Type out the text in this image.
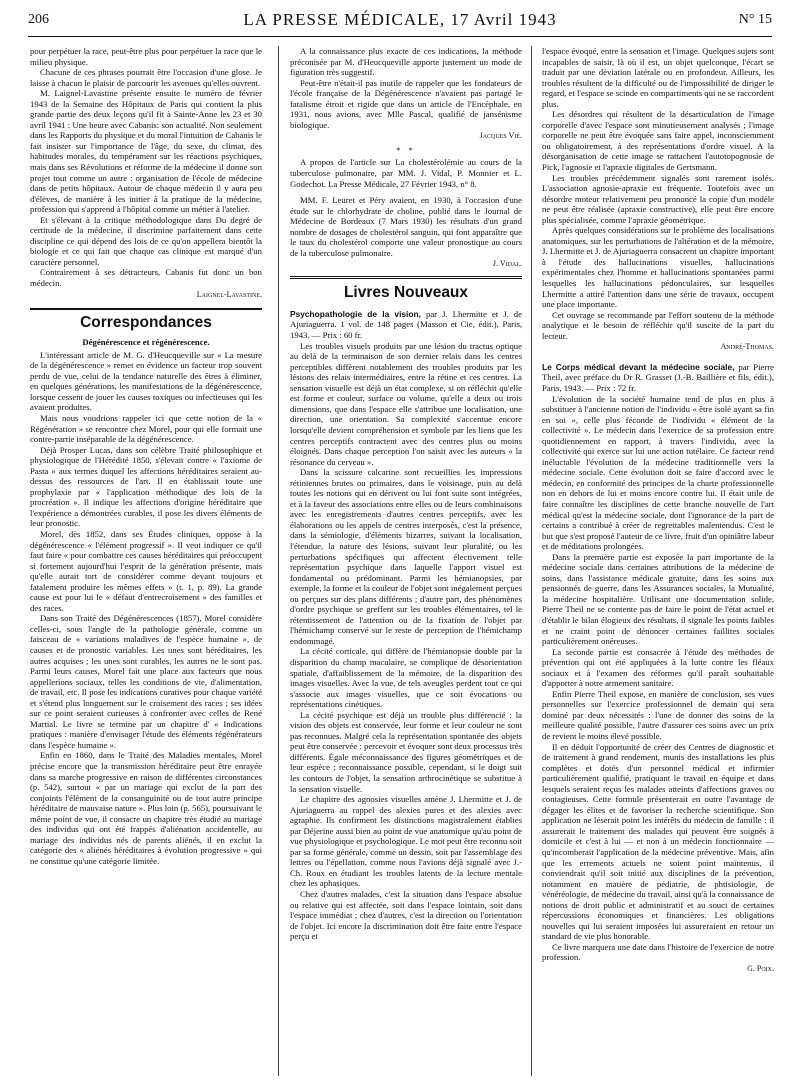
206	LA PRESSE MÉDICALE, 17 Avril 1943	N° 15

pour perpétuer la race, peut-être plus pour perpétuer la race que le milieu physique.

Chacune de ces phrases pourrait être l'occasion d'une glose. Je laisse à chacun le plaisir de parcourir les avenues qu'elles ouvrent.

M. Laignel-Lavastine présente ensuite le numéro de février 1943 de la Semaine des Hôpitaux de Paris qui contient la plus grande partie des deux leçons qu'il fit à Sainte-Anne les 23 et 30 avril 1941 : Une heure avec Cabanis: son actualité. Non seulement dans les Rapports du physique et du moral l'intuition de Cabanis le fait insister sur l'importance de l'âge, du sexe, du climat, des habitudes morales, du tempérament sur les réactions psychiques, mais dans ses Révolutions et réforme de la médecine il donne son projet tout comme un autre : organisation de l'école de médecine dans de petits hôpitaux. Autour de chaque médecin il y aura peu d'élèves, de manière à les initier à la pratique de la médecine, profession qui s'apprend à l'hôpital comme un métier à l'atelier.

Et s'élevant à la critique méthodologique dans Du degré de certitude de la médecine, il discrimine parfaitement dans cette discipline ce qui dépend des lois de ce qu'on appellera bientôt la biologie et ce qui fait que chaque cas clinique est marqué d'un caractère personnel.

Contrairement à ses détracteurs, Cabanis fut donc un bon médecin.

Laignel-Lavastine.
Correspondances
Dégénérescence et régénérescence.

L'intéressant article de M. G. d'Heucqueville sur « La mesure de la dégénérescence » remet en évidence un facteur trop souvent perdu de vue, celui de la tendance naturelle des êtres à éliminer, en quelques générations, les manifestations de la dégénérescence, lorsque cessent de jouer les causes toxiques ou infectieuses qui les avaient produites.

Mais nous voudrions rappeler ici que cette notion de la « Régénération » se rencontre chez Morel, pour qui elle formait une contre-partie inséparable de la dégénérescence.

Déjà Prosper Lucas, dans son célèbre Traité philosophique et physiologique de l'Hérédité 1850, s'élevait contre « l'axiome de Pasta » aux termes duquel les affections héréditaires seraient au-dessus des ressources de l'art. Il en établissait toute une prophylaxie par « l'application méthodique des lois de la procréation ». Il indique les affections d'origine héréditaire que l'expérience a démontrées curables, il pose les divers éléments de leur pronostic.

Morel, dès 1852, dans ses Études cliniques, oppose à la dégénérescence « l'élément progressif ». Il veut indiquer ce qu'il faut faire « pour combattre ces causes héréditaires qui préoccupent si fortement aujourd'hui l'esprit de la génération présente, mais qu'elle aurait tort de considérer comme devant toujours et fatalement produire les mêmes effets » (t. 1, p. 89). La grande cause est pour lui le « défaut d'entrecroisement » des familles et des races.

Dans son Traité des Dégénérescences (1857), Morel considère celles-ci, sous l'angle de la pathologie générale, comme un faisceau de « variations maladives de l'espèce humaine », de causes et de pronostic variables. Les unes sont héréditaires, les autres acquises ; les unes sont curables, les autres ne le sont pas. Parmi leurs causes, Morel fait une place aux facteurs que nous appellerions sociaux, telles les conditions de vie, d'alimentation, de travail, etc. Il pose les indications curatives pour chaque variété et s'étend plus longuement sur le croisement des races ; ses idées sur ce point seraient curieuses à confronter avec celles de René Martial. Le livre se termine par un chapitre d' « Indications pratiques : manière d'envisager l'étude des éléments régénérateurs dans l'espèce humaine ».

Enfin en 1860, dans le Traité des Maladies mentales, Morel précise encore que la transmission héréditaire peut être enrayée dans sa marche progressive en raison de différentes circonstances (p. 542), surtout « par un mariage qui exclut de la part des conjoints l'élément de la consanguinité ou de tout autre principe héréditaire de mauvaise nature ». Plus loin (p. 565), poursuivant le même point de vue, il consacre un chapitre très étudié au mariage des individus qui ont été frappés d'aliénation accidentelle, au mariage des individus nés de parents aliénés, il en exclut la catégorie des « aliénés héréditaires à évolution progressive » qui ne constitue qu'une catégorie limitée.

A la connaissance plus exacte de ces indications, la méthode préconisée par M. d'Heucqueville apporte justement un mode de figuration très suggestif.

Peut-être n'était-il pas inutile de rappeler que les fondateurs de l'école française de la Dégénérescence n'avaient pas partagé le fatalisme étroit et rigide que dans un article de l'Encéphale, en 1931, nous avions, avec Mlle Pascal, qualifié de jansénisme biologique.

Jacques Vié.
* *

A propos de l'article sur La cholestérolémie au cours de la tuberculose pulmonaire, par MM. J. Vidal, P. Monnier et L. Godechot. La Presse Médicale, 27 Février 1943, n° 8.

MM. F. Leuret et Péry avaient, en 1930, à l'occasion d'une étude sur le chlorhydrate de choline, publié dans le Journal de Médecine de Bordeaux (7 Mars 1930) les résultats d'un grand nombre de dosages de cholestérol sanguin, qui font apparaître que le taux du cholestérol comporte une valeur pronostique au cours de la tuberculose pulmonaire.

J. Vidal.
Livres Nouveaux

Psychopathologie de la vision, par J. Lhermitte et J. de Ajuriaguerra. 1 vol. de 148 pages (Masson et Cie, édit.), Paris, 1943. — Prix : 60 fr.

Les troubles visuels produits par une lésion du tractus optique au delà de la terminaison de son dernier relais dans les centres perceptibles diffèrent notablement des troubles produits par les lésions des relais intermédiaires, entre la rétine et ces centres. La sensation visuelle est déjà un état complexe, si on réfléchit qu'elle est forme et couleur, surface ou volume, qu'elle a deux ou trois dimensions, que dans l'espace elle s'attribue une localisation, une direction, une orientation. Sa complexité s'accentue encore lorsqu'elle devient compréhension et symbole par les liens que les centres perceptifs contractent avec des centres plus ou moins éloignés. Dans chaque perception l'on saisit avec les auteurs « la résonance du cerveau ».

Dans la scissure calcarine sont recueillies les impressions rétiniennes brutes ou primaires, dans le voisinage, puis au delà toutes les notions qui en dérivent ou lui font suite sont intégrées, et à la faveur des associations entre elles ou de leurs combinaisons avec les enregistrements d'autres centres perceptifs, avec les élaborations ou les appels de centres interposés, c'est la présence, dans la sémiologie, d'éléments bizarres, suivant la localisation, l'étendue, la nature des lésions, suivant leur pluralité, ou les perturbations spécifiques qui affectent électivement telle représentation psychique dans laquelle l'apport visuel est fondamental ou prédominant. Parmi les hémianopsies, par exemple, la forme et la couleur de l'objet sont inégalement perçues ou perçues sur des plans différents ; d'autre part, des phénomènes d'ordre psychique se greffent sur les troubles élémentaires, tel le rétentissement de l'attention ou de la fixation de l'objet par l'hémichamp conservé sur le reste de perception de l'hémichamp endommagé.

La cécité corticale, qui diffère de l'hémianopsie double par la disparition du champ maculaire, se complique de désorientation spatiale, d'affaiblissement de la mémoire, de la disparition des images visuelles. Avec la vue, de tels aveugles perdent tout ce qui s'associe aux images visuelles, que ce soit évocations ou représentations cinétiques.

La cécité psychique est déjà un trouble plus différencié : la vision des objets est conservée, leur forme et leur couleur ne sont pas reconnues. Malgré cela la représentation spontanée des objets peut être conservée : percevoir et évoquer sont deux processus très différents. Égale méconnaissance des figures géométriques et de leur espèce ; reconnaissance possible, cependant, si le doigt suit les contours de l'objet, la sensation arthrocinétique se substitue à la sensation visuelle.

Le chapitre des agnosies visuelles amène J. Lhermitte et J. de Ajuriaguerra au rappel des alexies pures et des alexies avec agraphie. Ils confirment les distinctions magistralement établies par Déjerine aussi bien au point de vue anatomique qu'au point de vue physiologique et psychologique. Le mot peut être reconnu soit par sa forme générale, comme un dessin, soit par l'assemblage des lettres ou l'épellation, comme nous l'avions déjà signalé avec J.-Ch. Roux en étudiant les troubles latents de la lecture mentale chez les aphasiques.

Chez d'autres malades, c'est la situation dans l'espace absolue ou relative qui est affectée, soit dans l'espace lointain, soit dans l'espace immédiat ; chez d'autres, c'est la direction ou l'orientation de l'objet. Ici encore la discrimination doit être faite entre l'espace perçu et

l'espace évoqué, entre la sensation et l'image. Quelques sujets sont incapables de saisir, là où il est, un objet quelconque, l'écart se traduit par une déviation latérale ou en profondeur. Ailleurs, les troubles résultent de la difficulté ou de l'impossibilité de diriger le regard, et l'espace se scinde en compartiments qui ne se raccordent plus.

Les désordres qui résultent de la désarticulation de l'image corporelle d'avec l'espace sont minutieusement analysés ; l'image corporelle ne peut être évoquée sans faire appel, inconsciemment ou obligatoirement, à des représentations d'ordre visuel. A la désorganisation de cette image se rattachent l'autotopognosie de Pick, l'agnosie et l'apraxie digitales de Gertsmann.

Les troubles précédemment signalés sont rarement isolés. L'association agnosie-apraxie est fréquente. Toutefois avec un désordre moteur relativement peu prononcé la copie d'un modèle ne peut être réalisée (apraxie constructive), elle peut être encore plus spécialisée, comme l'apraxie géométrique.

Après quelques considérations sur le problème des localisations anatomiques, sur les perturbations de l'altération et de la mémoire, J. Lhermitte et J. de Ajuriaguerra consacrent un chapitre important à l'étude des hallucinations visuelles, hallucinations expérimentales chez l'homme et hallucinations spontanées parmi lesquelles les hallucinations pédonculaires, sur lesquelles Lhermitte a attiré l'attention dans une série de travaux, occupent une place importante.

Cet ouvrage se recommande par l'effort soutenu de la méthode analytique et le besoin de réfléchir qu'il suscite de la part du lecteur.

André-Thomas.

Le Corps médical devant la médecine sociale, par Pierre Theil, avec préface du Dr R. Grasset (J.-B. Baillière et fils, édit.), Paris, 1943. — Prix : 72 fr.

L'évolution de la société humaine tend de plus en plus à substituer à l'ancienne notion de l'individu « être isolé ayant sa fin en soi », celle plus féconde de l'individu « élément de la collectivité ». Le médecin dans l'exercice de sa profession entre quotidiennement en rapport, à travers l'individu, avec la collectivité qui exerce sur lui une action tutélaire. Ce facteur rend inéluctable l'évolution de la médecine traditionnelle vers la médecine sociale. Cette évolution doit se faire d'accord avec le médecin, en conformité des principes de la charte professionnelle non en dehors de lui et moins encore contre lui. Il était utile de faire connaître les disciplines de cette branche nouvelle de l'art médical qu'est la médecine sociale, dont l'ignorance de la part de certains a contribué à créer de regrettables malentendus. C'est le but que s'est proposé l'auteur de ce livre, fruit d'un opiniâtre labeur et de méditations prolongées.

Dans la première partie est exposée la part importante de la médecine sociale dans certaines attributions de la médecine de soins, dans l'assistance médicale gratuite, dans les soins aux pensionnés de guerre, dans les Assurances sociales, la Mutualité, la médecine hospitalière. Utilisant une documentation solide, Pierre Theil ne se contente pas de faire le point de l'état actuel et d'établir le bilan élogieux des résultats, il signale les points faibles et ne craint point de dénoncer certaines faillites sociales particulièrement onéreuses.

La seconde partie est consacrée à l'étude des méthodes de prévention qui ont été appliquées à la lutte contre les fléaux sociaux et à l'examen des réformes qu'il paraît souhaitable d'apporter à notre armement sanitaire.

Enfin Pierre Theil expose, en manière de conclusion, ses vues personnelles sur l'exercice professionnel de demain qui sera dominé par deux nécessités : l'une de donner des soins de la meilleure qualité possible, l'autre d'assurer ces soins avec un prix de revient le moins élevé possible.

Il en déduit l'opportunité de créer des Centres de diagnostic et de traitement à grand rendement, munis des installations les plus complètes et dotés d'un personnel médical et infirmier particulièrement qualifié, pratiquant le travail en équipe et dans lesquels seraient reçus les malades atteints d'affections graves ou contagieuses. Cette formule présenterait en outre l'avantage de dégager les élites et de favoriser la recherche scientifique. Son application ne léserait point les intérêts du médecin de famille : il assurerait le traitement des malades qui peuvent être soignés à domicile et c'est à lui — et non à un médecin fonctionnaire — qu'incomberait l'application de la médecine préventive. Mais, afin que les errements actuels ne soient point maintenus, il conviendrait qu'il soit initié aux disciplines de la prévention, notamment en matière de pédiatrie, de phtisiologie, de vénéréologie, de médecine du travail, ainsi qu'à la connaissance de notions de droit public et administratif et au souci de certaines répercussions économiques et financières. Les obligations nouvelles qui lui seraient imposées lui assureraient en retour un standard de vie plus honorable.

Ce livre marquera une date dans l'histoire de l'exercice de notre profession.

G. Poix.
